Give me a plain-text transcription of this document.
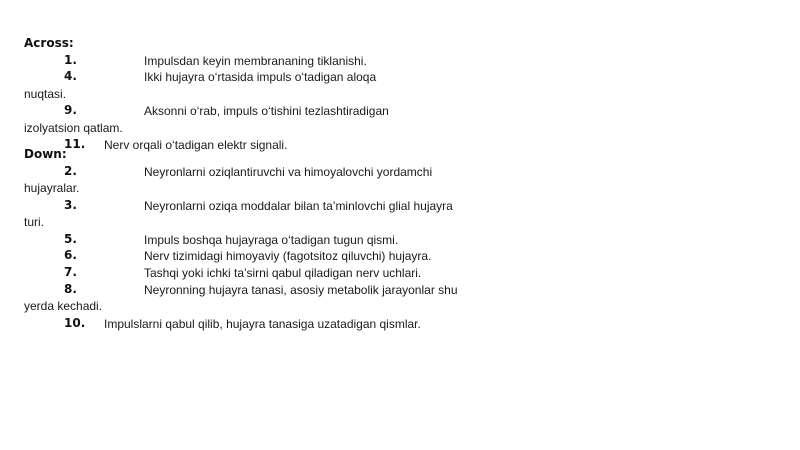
Across:
1.	Impulsdan keyin membrananing tiklanishi.
4.	Ikki hujayra o‘rtasida impuls o‘tadigan aloqa
nuqtasi.
9.	Aksonni o‘rab, impuls o‘tishini tezlashtiradigan
izolyatsion qatlam.
11. Nerv orqali o‘tadigan elektr signali.
Down:
2.	Neyronlarni oziqlantiruvchi va himoyalovchi yordamchi
hujayralar.
3.	Neyronlarni oziqa moddalar bilan ta’minlovchi glial hujayra
turi.
5.	Impuls boshqa hujayraga o‘tadigan tugun qismi.
6.	Nerv tizimidagi himoyaviy (fagotsitoz qiluvchi) hujayra.
7.	Tashqi yoki ichki ta’sirni qabul qiladigan nerv uchlari.
8.	Neyronning hujayra tanasi, asosiy metabolik jarayonlar shu
yerda kechadi.
10. Impulslarni qabul qilib, hujayra tanasiga uzatadigan qismlar.
